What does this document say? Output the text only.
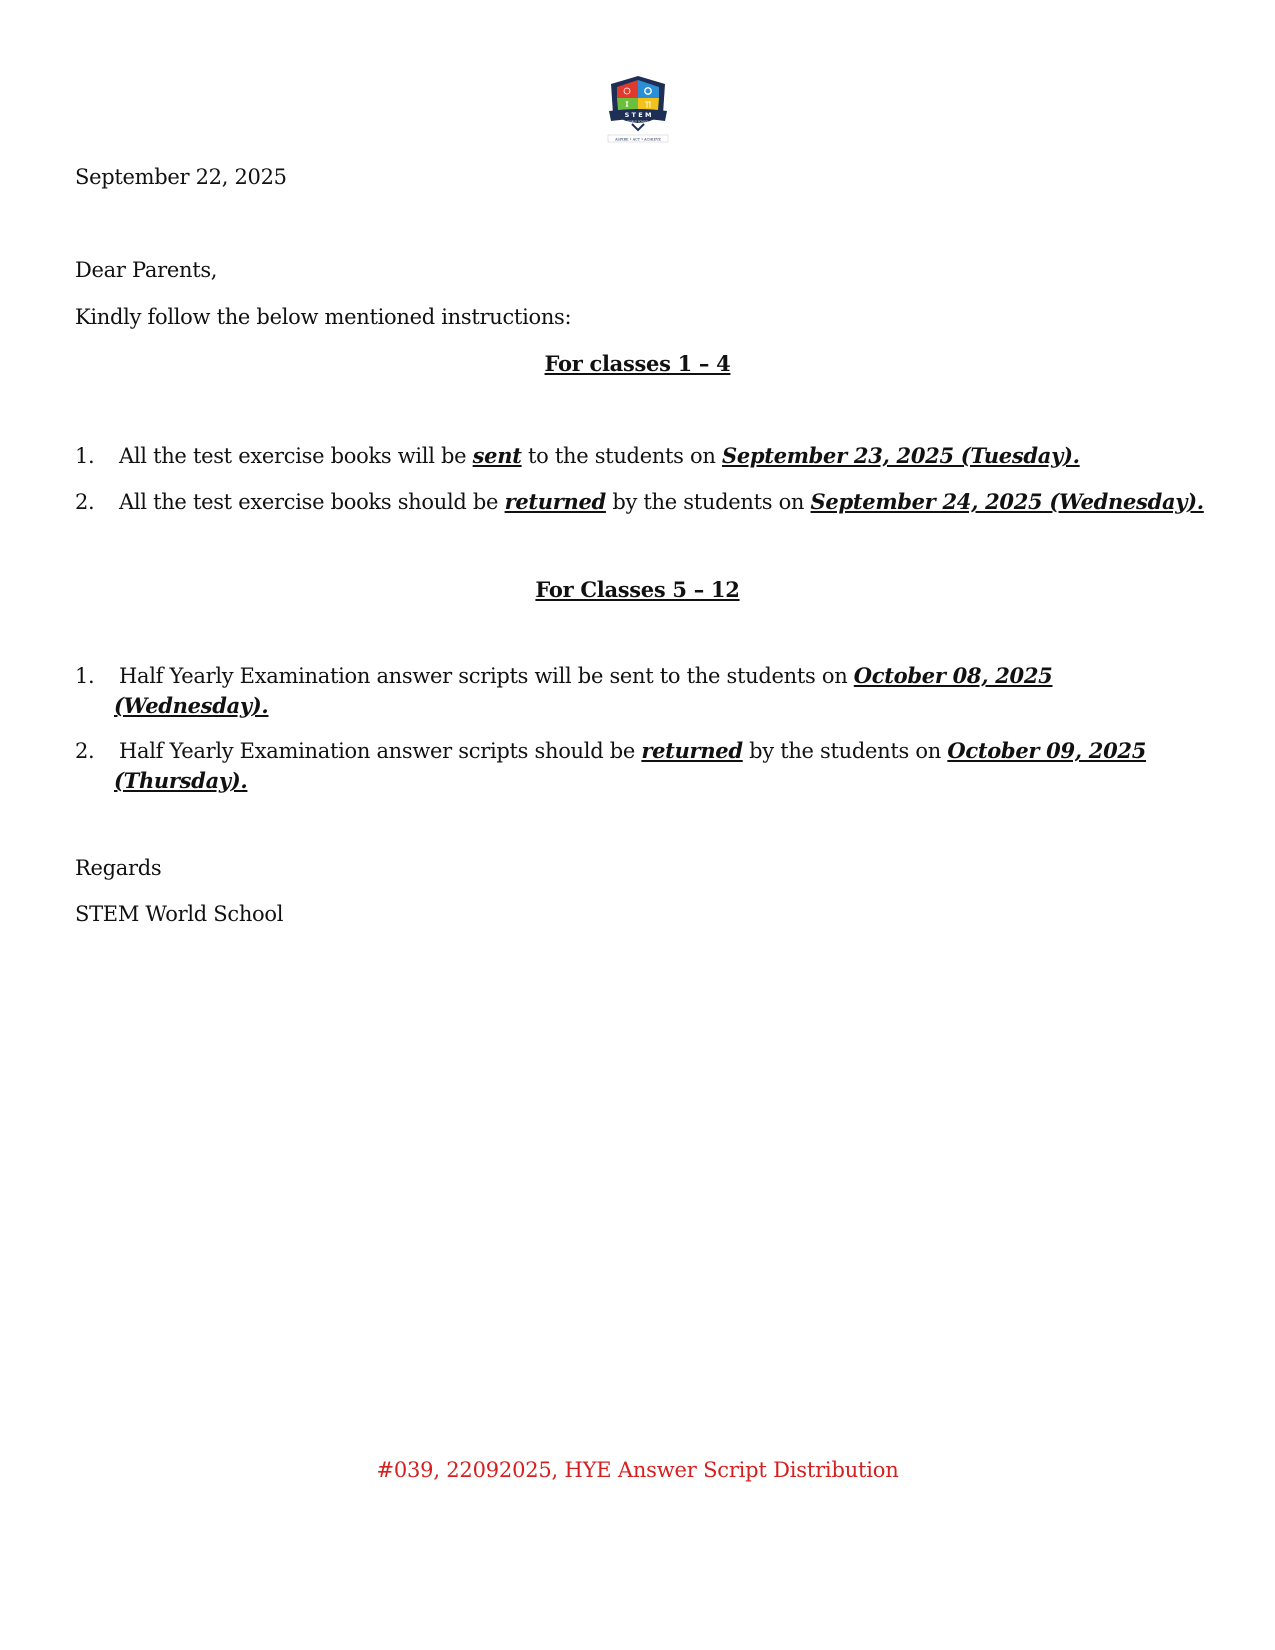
S T E M
WORLD SCHOOL
ASPIRE • ACT • ACHIEVE
September 22, 2025
Dear Parents,
Kindly follow the below mentioned instructions:
For classes 1 – 4
1. All the test exercise books will be sent to the students on September 23, 2025 (Tuesday).
2. All the test exercise books should be returned by the students on September 24, 2025 (Wednesday).
For Classes 5 – 12
1. Half Yearly Examination answer scripts will be sent to the students on October 08, 2025
(Wednesday).
2. Half Yearly Examination answer scripts should be returned by the students on October 09, 2025
(Thursday).
Regards
STEM World School
#039, 22092025, HYE Answer Script Distribution
